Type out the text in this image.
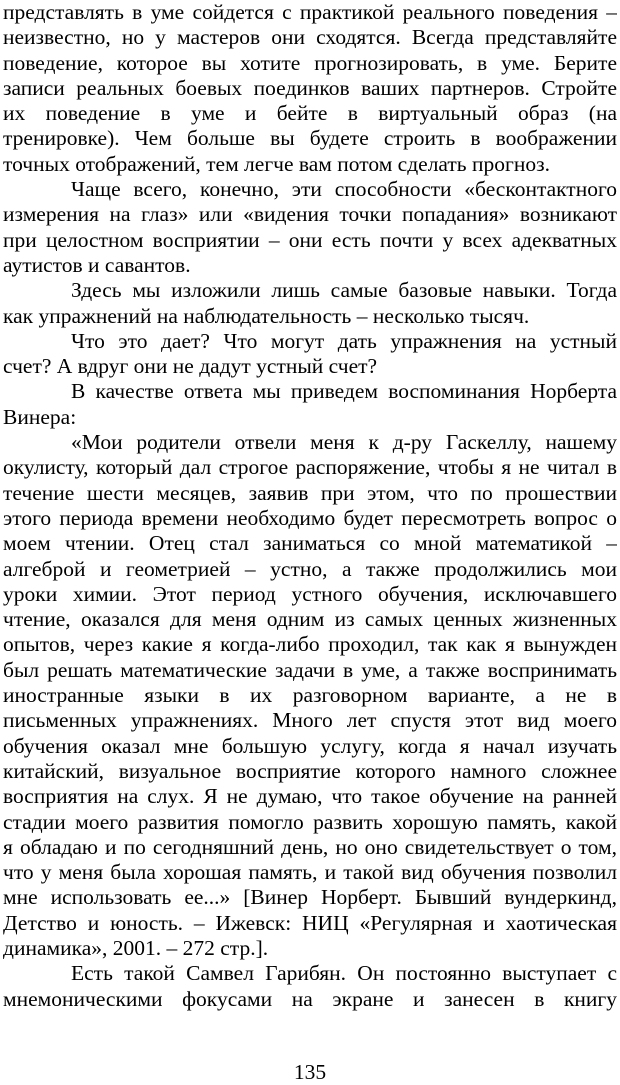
представлять в уме сойдется с практикой реального поведения –
неизвестно, но у мастеров они сходятся. Всегда представляйте
поведение, которое вы хотите прогнозировать, в уме. Берите
записи реальных боевых поединков ваших партнеров. Стройте
их поведение в уме и бейте в виртуальный образ (на
тренировке). Чем больше вы будете строить в воображении
точных отображений, тем легче вам потом сделать прогноз.
Чаще всего, конечно, эти способности «бесконтактного
измерения на глаз» или «видения точки попадания» возникают
при целостном восприятии – они есть почти у всех адекватных
аутистов и савантов.
Здесь мы изложили лишь самые базовые навыки. Тогда
как упражнений на наблюдательность – несколько тысяч.
Что это дает? Что могут дать упражнения на устный
счет? А вдруг они не дадут устный счет?
В качестве ответа мы приведем воспоминания Норберта
Винера:
«Мои родители отвели меня к д-ру Гаскеллу, нашему
окулисту, который дал строгое распоряжение, чтобы я не читал в
течение шести месяцев, заявив при этом, что по прошествии
этого периода времени необходимо будет пересмотреть вопрос о
моем чтении. Отец стал заниматься со мной математикой –
алгеброй и геометрией – устно, а также продолжились мои
уроки химии. Этот период устного обучения, исключавшего
чтение, оказался для меня одним из самых ценных жизненных
опытов, через какие я когда-либо проходил, так как я вынужден
был решать математические задачи в уме, а также воспринимать
иностранные языки в их разговорном варианте, а не в
письменных упражнениях. Много лет спустя этот вид моего
обучения оказал мне большую услугу, когда я начал изучать
китайский, визуальное восприятие которого намного сложнее
восприятия на слух. Я не думаю, что такое обучение на ранней
стадии моего развития помогло развить хорошую память, какой
я обладаю и по сегодняшний день, но оно свидетельствует о том,
что у меня была хорошая память, и такой вид обучения позволил
мне использовать ее...» [Винер Норберт. Бывший вундеркинд,
Детство и юность. – Ижевск: НИЦ «Регулярная и хаотическая
динамика», 2001. – 272 стр.].
Есть такой Самвел Гарибян. Он постоянно выступает с
мнемоническими фокусами на экране и занесен в книгу
135
